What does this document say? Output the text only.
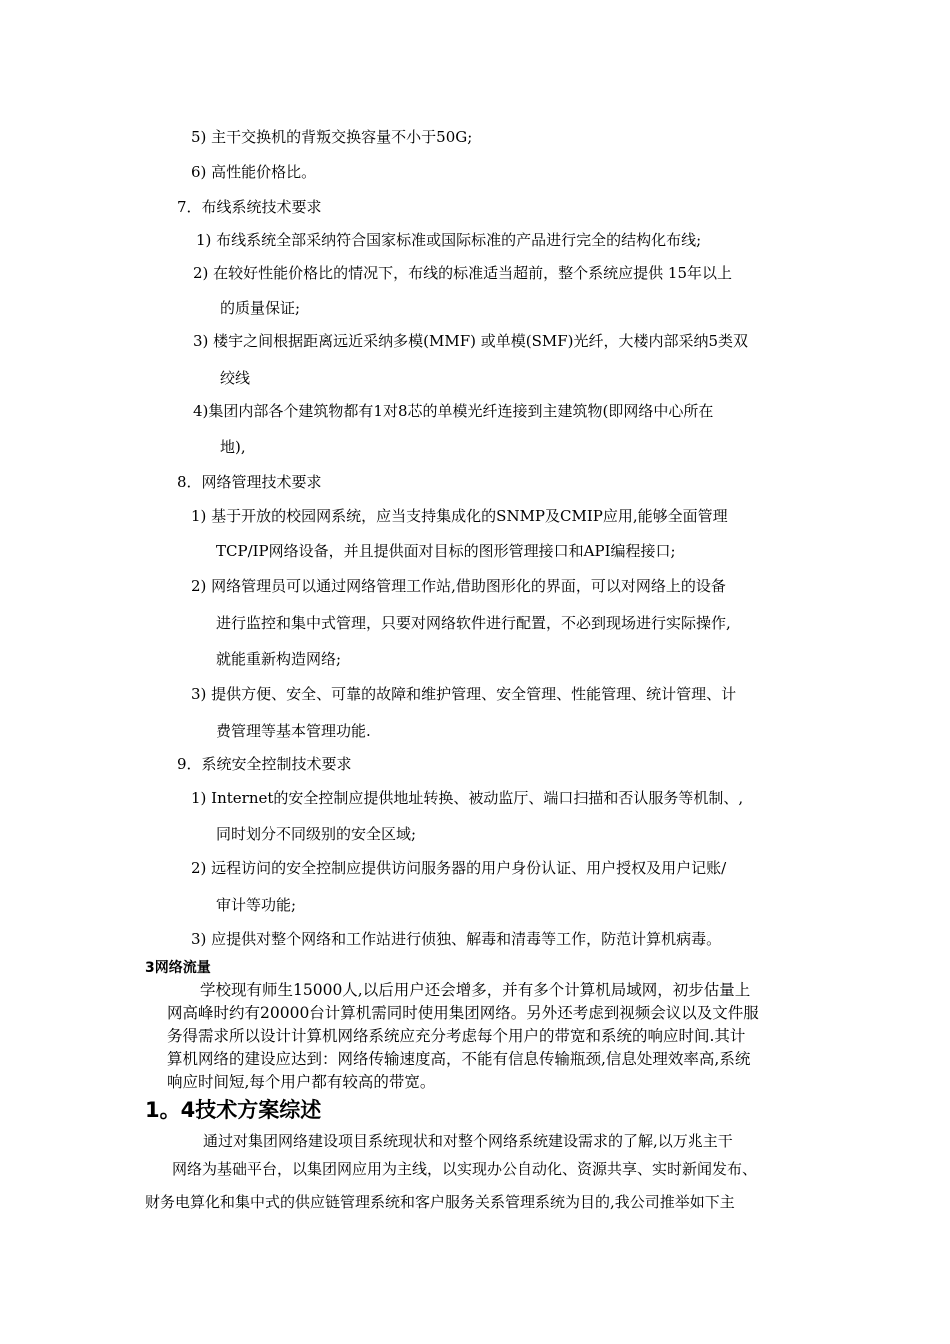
5) 主干交换机的背叛交换容量不小于50G;
6) 高性能价格比。
7．布线系统技术要求
1) 布线系统全部采纳符合国家标准或国际标准的产品进行完全的结构化布线;
2) 在较好性能价格比的情况下，布线的标准适当超前，整个系统应提供 15年以上
的质量保证;
3) 楼宇之间根据距离远近采纳多模(MMF) 或单模(SMF)光纤，大楼内部采纳5类双
绞线
4)集团内部各个建筑物都有1对8芯的单模光纤连接到主建筑物(即网络中心所在
地),
8．网络管理技术要求
1) 基于开放的校园网系统，应当支持集成化的SNMP及CMIP应用,能够全面管理
TCP/IP网络设备，并且提供面对目标的图形管理接口和API编程接口;
2) 网络管理员可以通过网络管理工作站,借助图形化的界面，可以对网络上的设备
进行监控和集中式管理，只要对网络软件进行配置，不必到现场进行实际操作,
就能重新构造网络;
3) 提供方便、安全、可靠的故障和维护管理、安全管理、性能管理、统计管理、计
费管理等基本管理功能.
9．系统安全控制技术要求
1) Internet的安全控制应提供地址转换、被动监厅、端口扫描和否认服务等机制、,
同时划分不同级别的安全区域;
2) 远程访问的安全控制应提供访问服务器的用户身份认证、用户授权及用户记账/
审计等功能;
3) 应提供对整个网络和工作站进行侦独、解毒和清毒等工作，防范计算机病毒。
3网络流量
学校现有师生15000人,以后用户还会增多，并有多个计算机局域网，初步估量上
网高峰时约有20000台计算机需同时使用集团网络。另外还考虑到视频会议以及文件服
务得需求所以设计计算机网络系统应充分考虑每个用户的带宽和系统的响应时间.其计
算机网络的建设应达到：网络传输速度高，不能有信息传输瓶颈,信息处理效率高,系统
响应时间短,每个用户都有较高的带宽。
1。4技术方案综述
通过对集团网络建设项目系统现状和对整个网络系统建设需求的了解,以万兆主干
网络为基础平台，以集团网应用为主线，以实现办公自动化、资源共享、实时新闻发布、
财务电算化和集中式的供应链管理系统和客户服务关系管理系统为目的,我公司推举如下主
